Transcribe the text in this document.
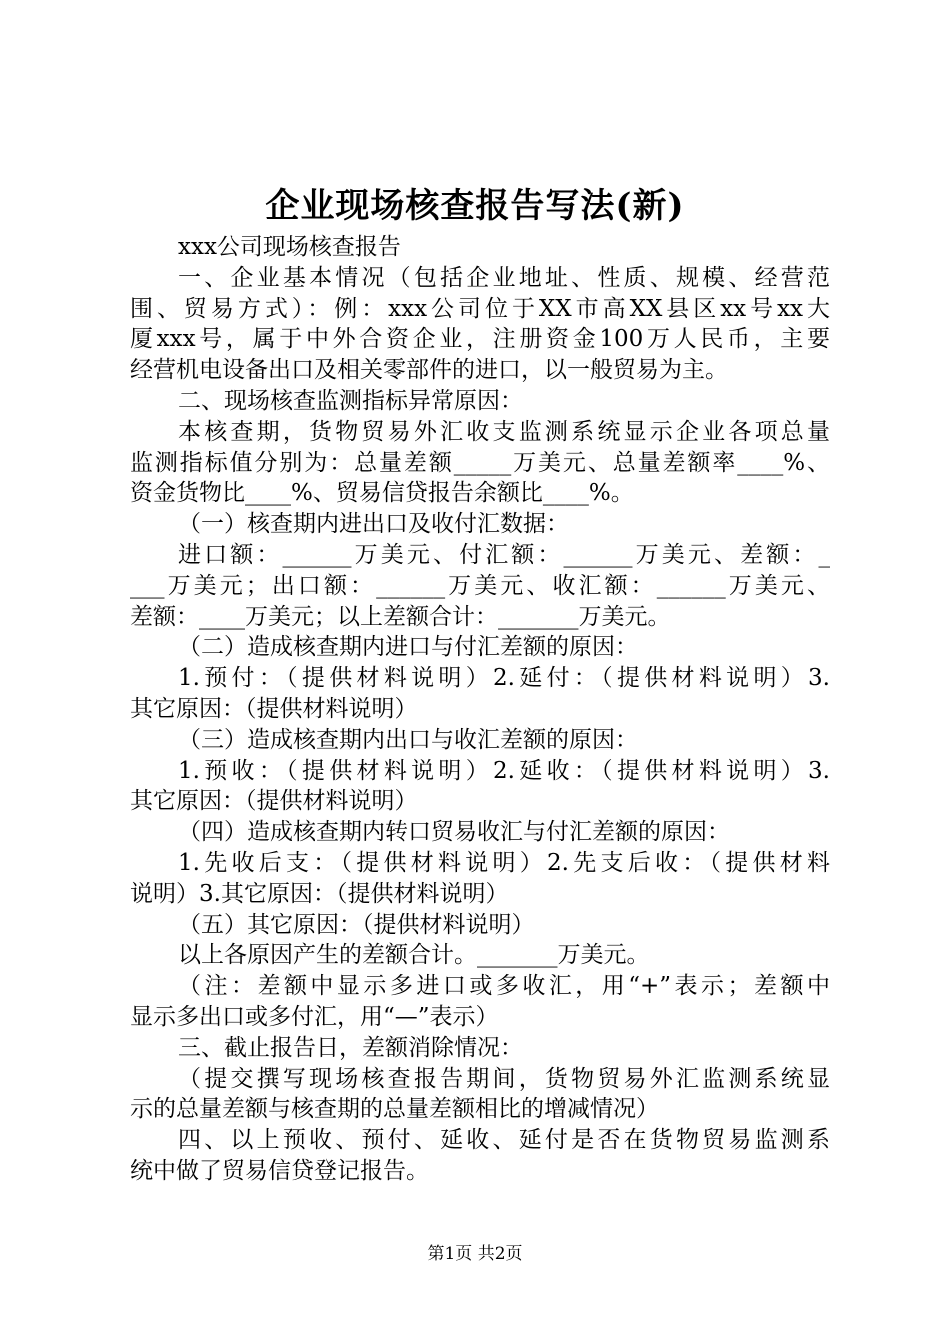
企业现场核查报告写法(新)
xxx公司现场核查报告
一、企业基本情况（包括企业地址、性质、规模、经营范
围、贸易方式）：例：xxx公司位于XX市高XX县区xx号xx大
厦xxx号，属于中外合资企业，注册资金100万人民币，主要
经营机电设备出口及相关零部件的进口，以一般贸易为主。
二、现场核查监测指标异常原因：
本核查期，货物贸易外汇收支监测系统显示企业各项总量
监测指标值分别为：总量差额_____万美元、总量差额率____%、
资金货物比____%、贸易信贷报告余额比____%。
（一）核查期内进出口及收付汇数据：
进口额：______万美元、付汇额：______万美元、差额：_
___万美元；出口额：______万美元、收汇额：______万美元、
差额：____万美元；以上差额合计：_______万美元。
（二）造成核查期内进口与付汇差额的原因：
1.预付：（提供材料说明）2.延付：（提供材料说明）3.
其它原因：（提供材料说明）
（三）造成核查期内出口与收汇差额的原因：
1.预收：（提供材料说明）2.延收：（提供材料说明）3.
其它原因：（提供材料说明）
（四）造成核查期内转口贸易收汇与付汇差额的原因：
1.先收后支：（提供材料说明）2.先支后收：（提供材料
说明）3.其它原因：（提供材料说明）
（五）其它原因：（提供材料说明）
以上各原因产生的差额合计。_______万美元。
（注：差额中显示多进口或多收汇，用“+”表示；差额中
显示多出口或多付汇，用“—”表示）
三、截止报告日，差额消除情况：
（提交撰写现场核查报告期间，货物贸易外汇监测系统显
示的总量差额与核查期的总量差额相比的增减情况）
四、以上预收、预付、延收、延付是否在货物贸易监测系
统中做了贸易信贷登记报告。
第1页 共2页
